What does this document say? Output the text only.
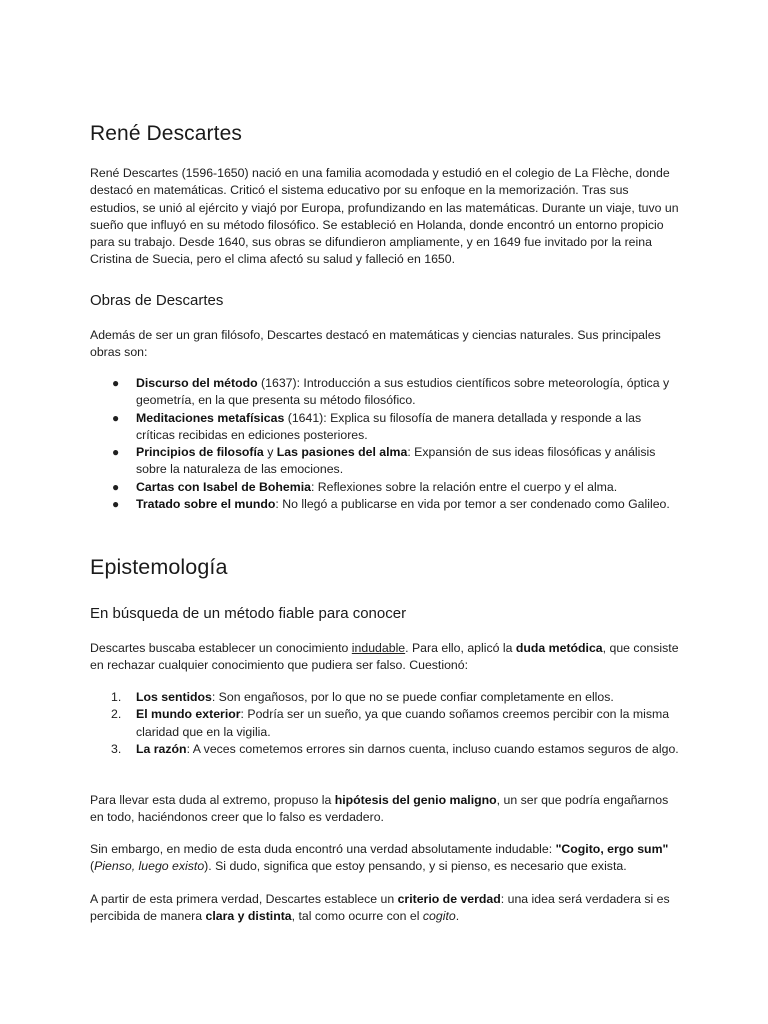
René Descartes

René Descartes (1596-1650) nació en una familia acomodada y estudió en el colegio de La Flèche, donde destacó en matemáticas. Criticó el sistema educativo por su enfoque en la memorización. Tras sus estudios, se unió al ejército y viajó por Europa, profundizando en las matemáticas. Durante un viaje, tuvo un sueño que influyó en su método filosófico. Se estableció en Holanda, donde encontró un entorno propicio para su trabajo. Desde 1640, sus obras se difundieron ampliamente, y en 1649 fue invitado por la reina Cristina de Suecia, pero el clima afectó su salud y falleció en 1650.

Obras de Descartes

Además de ser un gran filósofo, Descartes destacó en matemáticas y ciencias naturales. Sus principales obras son:

● Discurso del método (1637): Introducción a sus estudios científicos sobre meteorología, óptica y geometría, en la que presenta su método filosófico.
● Meditaciones metafísicas (1641): Explica su filosofía de manera detallada y responde a las críticas recibidas en ediciones posteriores.
● Principios de filosofía y Las pasiones del alma: Expansión de sus ideas filosóficas y análisis sobre la naturaleza de las emociones.
● Cartas con Isabel de Bohemia: Reflexiones sobre la relación entre el cuerpo y el alma.
● Tratado sobre el mundo: No llegó a publicarse en vida por temor a ser condenado como Galileo.
Epistemología
En búsqueda de un método fiable para conocer

Descartes buscaba establecer un conocimiento indudable. Para ello, aplicó la duda metódica, que consiste en rechazar cualquier conocimiento que pudiera ser falso. Cuestionó:

1. Los sentidos: Son engañosos, por lo que no se puede confiar completamente en ellos.
2. El mundo exterior: Podría ser un sueño, ya que cuando soñamos creemos percibir con la misma claridad que en la vigilia.
3. La razón: A veces cometemos errores sin darnos cuenta, incluso cuando estamos seguros de algo.

Para llevar esta duda al extremo, propuso la hipótesis del genio maligno, un ser que podría engañarnos en todo, haciéndonos creer que lo falso es verdadero.

Sin embargo, en medio de esta duda encontró una verdad absolutamente indudable: "Cogito, ergo sum" (Pienso, luego existo). Si dudo, significa que estoy pensando, y si pienso, es necesario que exista.

A partir de esta primera verdad, Descartes establece un criterio de verdad: una idea será verdadera si es percibida de manera clara y distinta, tal como ocurre con el cogito.
